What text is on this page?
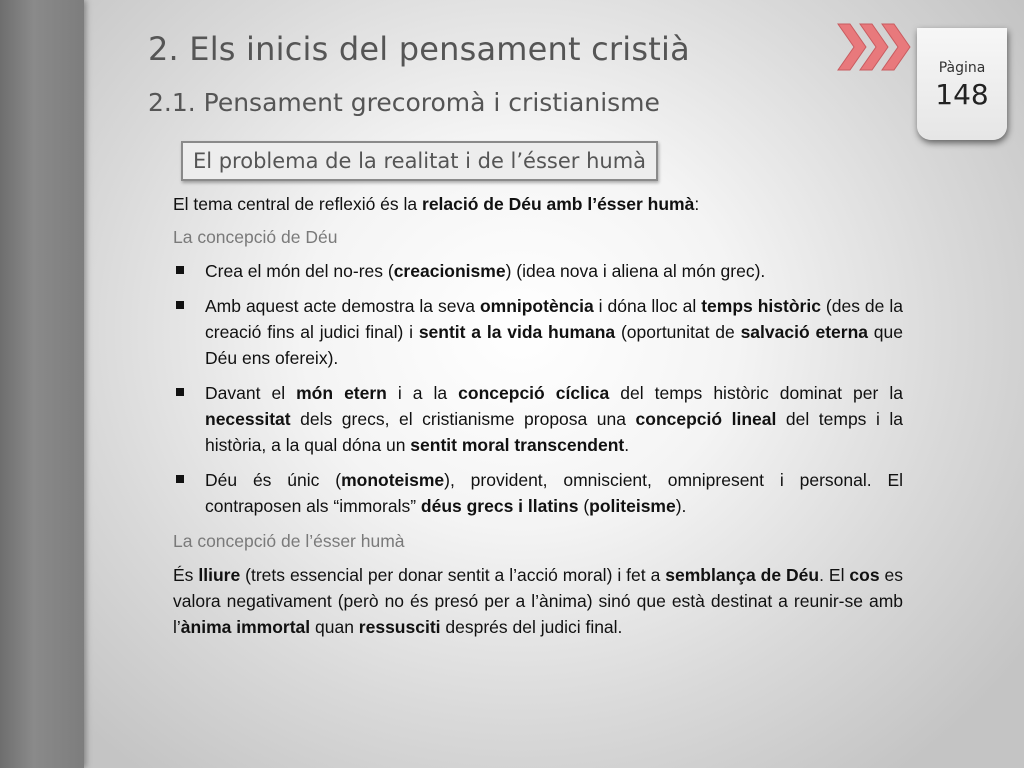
2. Els inicis del pensament cristià
2.1. Pensament grecoromà i cristianisme
Pàgina
148
El problema de la realitat i de l’ésser humà

El tema central de reflexió és la relació de Déu amb l’ésser humà:

La concepció de Déu

Crea el món del no-res (creacionisme) (idea nova i aliena al món grec).
Amb aquest acte demostra la seva omnipotència i dóna lloc al temps històric (des de la creació fins al judici final) i sentit a la vida humana (oportunitat de salvació eterna que Déu ens ofereix).
Davant el món etern i a la concepció cíclica del temps històric dominat per la necessitat dels grecs, el cristianisme proposa una concepció lineal del temps i la història, a la qual dóna un sentit moral transcendent.
Déu és únic (monoteisme), provident, omniscient, omnipresent i personal. El contraposen als “immorals” déus grecs i llatins (politeisme).

La concepció de l’ésser humà

És lliure (trets essencial per donar sentit a l’acció moral) i fet a semblança de Déu. El cos es valora negativament (però no és presó per a l’ànima) sinó que està destinat a reunir-se amb l’ànima immortal quan ressusciti després del judici final.
